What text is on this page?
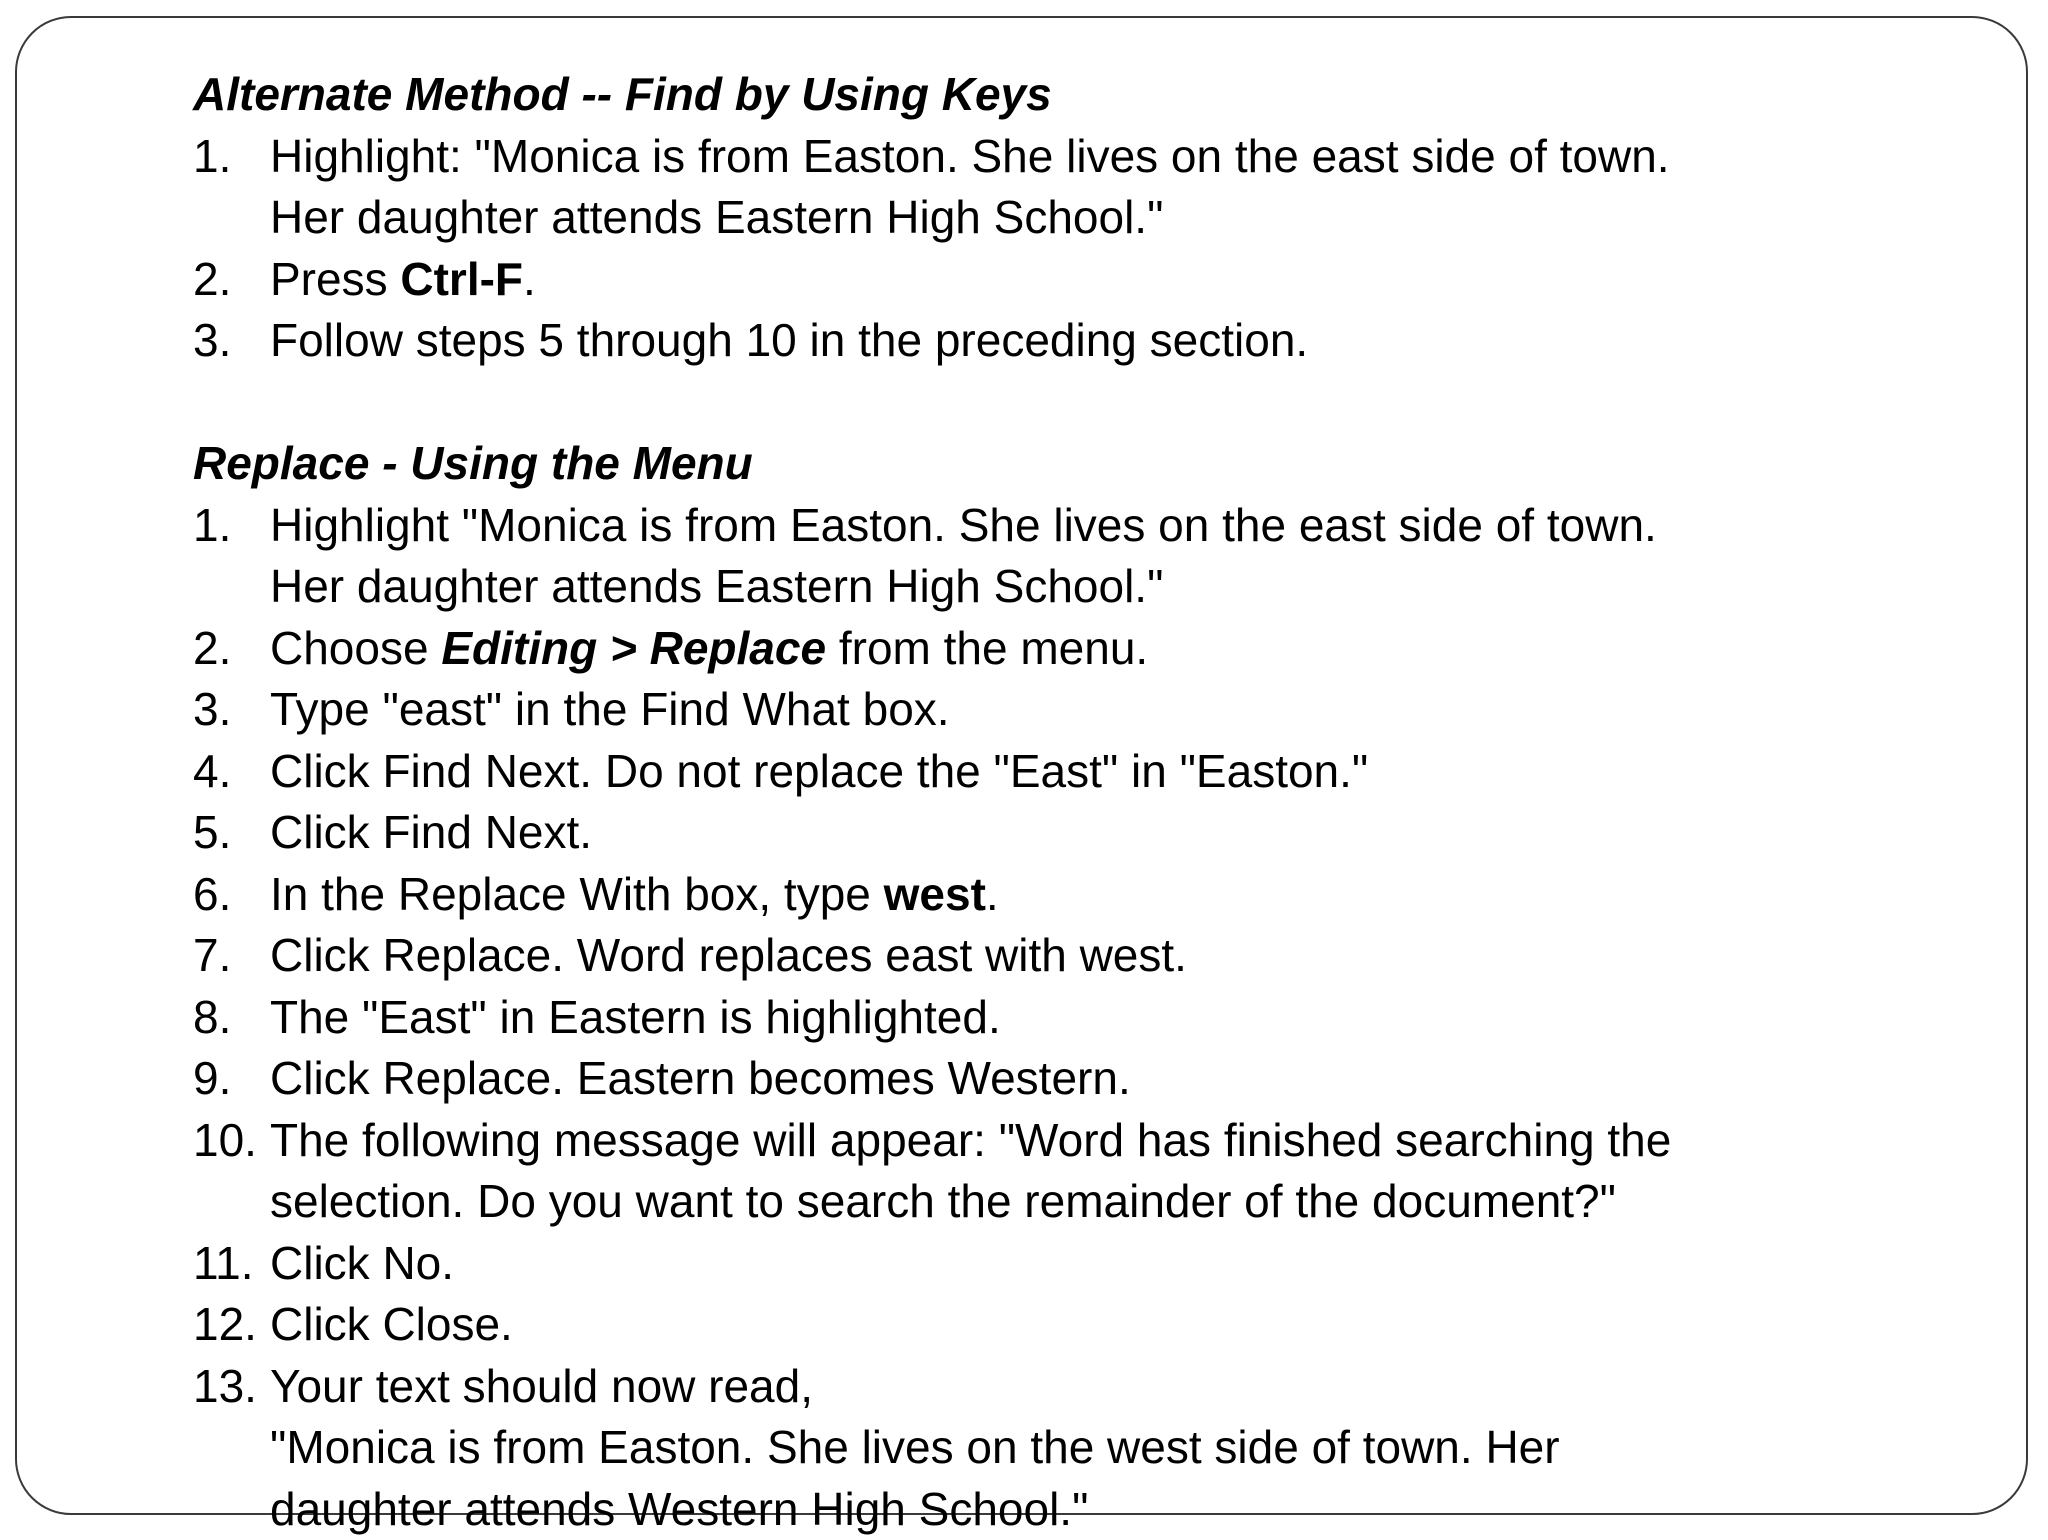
Alternate Method -- Find by Using Keys

1. Highlight: "Monica is from Easton. She lives on the east side of town.
Her daughter attends Eastern High School."
2. Press Ctrl-F.
3. Follow steps 5 through 10 in the preceding section.

Replace - Using the Menu

1. Highlight "Monica is from Easton. She lives on the east side of town.
Her daughter attends Eastern High School."
2. Choose Editing > Replace from the menu.
3. Type "east" in the Find What box.
4. Click Find Next. Do not replace the "East" in "Easton."
5. Click Find Next.
6. In the Replace With box, type west.
7. Click Replace. Word replaces east with west.
8. The "East" in Eastern is highlighted.
9. Click Replace. Eastern becomes Western.
10. The following message will appear: "Word has finished searching the
selection. Do you want to search the remainder of the document?"
11. Click No.
12. Click Close.
13. Your text should now read,
"Monica is from Easton. She lives on the west side of town. Her
daughter attends Western High School."
